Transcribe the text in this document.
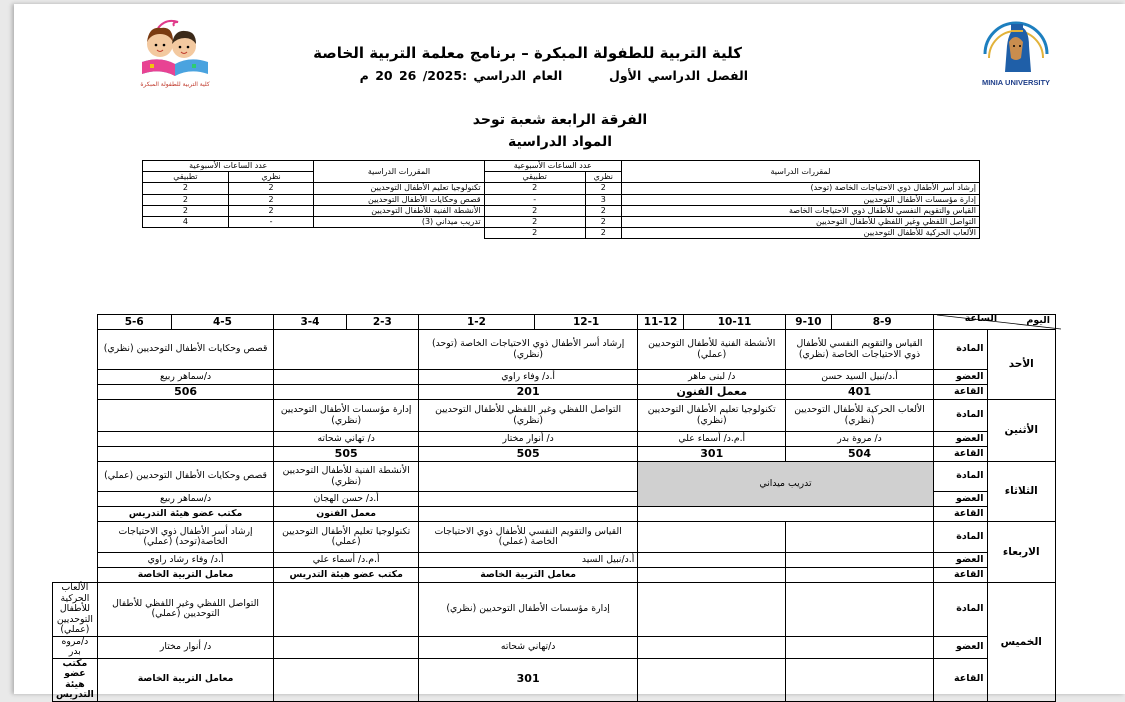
كلية التربية للطفولة المبكرة	MINIA UNIVERSITY
كلية التربية للطفولة المبكرة – برنامج معلمة التربية الخاصة
الفصل الدراسي الأول  العام الدراسي :2025/ 26 20 م
الفرقة الرابعة شعبة توحد
المواد الدراسية
لمقررات الدراسية	عدد الساعات الأسبوعية		المقررات الدراسية	عدد الساعات الأسبوعية	
	نظري	تطبيقي		نظري	تطبيقي
إرشاد أسر الأطفال ذوي الاحتياجات الخاصة (توحد)	2	2	تكنولوجيا تعليم الأطفال التوحديين	2	2
إدارة مؤسسات الأطفال التوحديين	3	-	قصص وحكايات الأطفال التوحديين	2	2
القياس والتقويم النفسي للأطفال ذوي الاحتياجات الخاصة	2	2	الأنشطة الفنية للأطفال التوحديين	2	2
التواصل اللفظي وغير اللفظي للأطفال التوحديين	2	2	تدريب ميداني (3)	-	4
الألعاب الحركية للأطفال التوحديين	2	2			
اليوم
الساعة		8-9	9-10	10-11	11-12	12-1	1-2	2-3	3-4	4-5	5-6	
الأحد	المادة	القياس والتقويم النفسي للأطفال ذوي الاحتياجات الخاصة (نظري)		الأنشطة الفنية للأطفال التوحديين (عملي)		إرشاد أسر الأطفال ذوي الاحتياجات الخاصة (توحد) (نظري)				قصص وحكايات الأطفال التوحديين (نظري)		
	العضو	أ.د/نبيل السيد حسن		د/ لبنى ماهر		أ.د/ وفاء راوي				د/سماهر ربيع		
	القاعة	401		معمل الفنون		201				506		
الأثنين	المادة	الألعاب الحركية للأطفال التوحديين (نظري)		تكنولوجيا تعليم الأطفال التوحديين (نظري)		التواصل اللفظي وغير اللفظي للأطفال التوحديين (نظري)		إدارة مؤسسات الأطفال التوحديين (نظري)				
	العضو	د/ مروة بدر		أ.م.د/ أسماء علي		د/ أنوار مختار		د/ تهاني شحاته				
	القاعة	504		301		505		505				
الثلاثاء	المادة	تدريب ميداني						الأنشطة الفنية للأطفال التوحديين (نظري)		قصص وحكايات الأطفال التوحديين (عملي)		
	العضو							أ.د/ حسن الهجان		د/سماهر ربيع		
	القاعة							معمل الفنون		مكتب عضو هيئة التدريس		
الاربعاء	المادة					القياس والتقويم النفسي للأطفال ذوي الاحتياجات الخاصة (عملي)		تكنولوجيا تعليم الأطفال التوحديين (عملي)		إرشاد أسر الأطفال ذوي الاحتياجات الخاصة(توحد) (عملي)		
	العضو					أ.د/نبيل السيد		أ.م.د/ أسماء علي		أ.د/ وفاء رشاد راوي		
	القاعة					معامل التربية الخاصة		مكتب عضو هيئة التدريس		معامل التربية الخاصة		
الخميس	المادة					إدارة مؤسسات الأطفال التوحديين (نظري)				التواصل اللفظي وغير اللفظي للأطفال التوحديين (عملي)		الألعاب الحركية للأطفال التوحديين (عملي)
	العضو					د/تهاني شحاته				د/ أنوار مختار		د/مروه بدر
	القاعة					301				معامل التربية الخاصة		مكتب عضو هيئة التدريس
